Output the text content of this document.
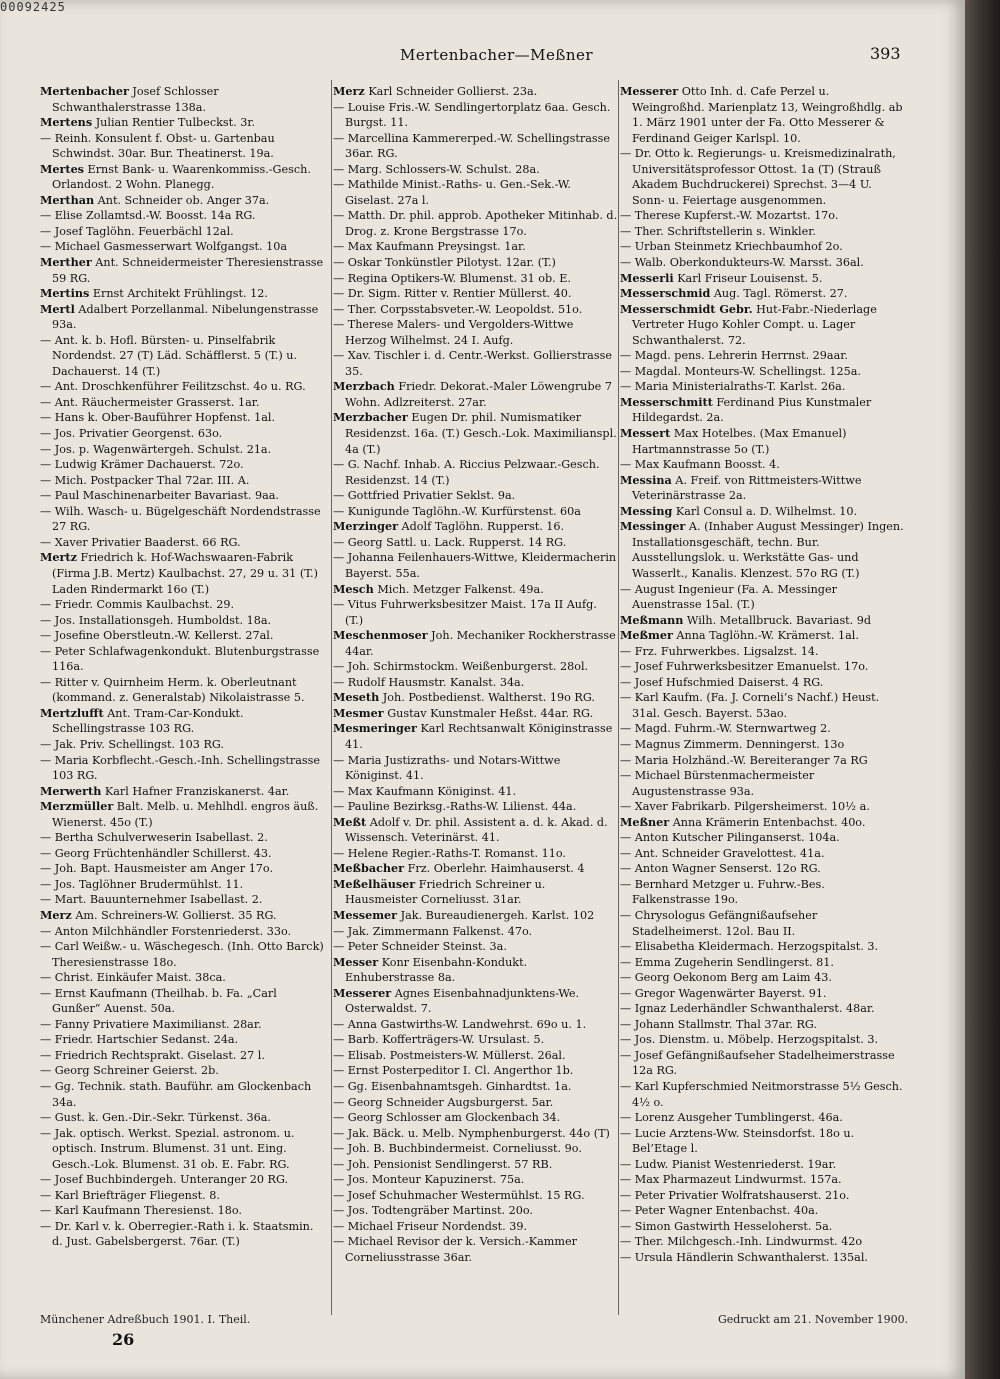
00092425
Mertenbacher—Meßner	393

Mertenbacher Josef Schlosser Schwanthalerstrasse 138a.

Mertens Julian Rentier Tulbeckst. 3r.

— Reinh. Konsulent f. Obst- u. Gartenbau Schwindst. 30ar. Bur. Theatinerst. 19a.

Mertes Ernst Bank- u. Waarenkommiss.-Gesch. Orlandost. 2 Wohn. Planegg.

Merthan Ant. Schneider ob. Anger 37a.

— Elise Zollamtsd.-W. Boosst. 14a RG.

— Josef Taglöhn. Feuerbächl 12al.

— Michael Gasmesserwart Wolfgangst. 10a

Merther Ant. Schneidermeister Theresienstrasse 59 RG.

Mertins Ernst Architekt Frühlingst. 12.

Mertl Adalbert Porzellanmal. Nibelungenstrasse 93a.

— Ant. k. b. Hofl. Bürsten- u. Pinselfabrik Nordendst. 27 (T) Läd. Schäfflerst. 5 (T.) u. Dachauerst. 14 (T.)

— Ant. Droschkenführer Feilitzschst. 4o u. RG.

— Ant. Räuchermeister Grasserst. 1ar.

— Hans k. Ober-Bauführer Hopfenst. 1al.

— Jos. Privatier Georgenst. 63o.

— Jos. p. Wagenwärtergeh. Schulst. 21a.

— Ludwig Krämer Dachauerst. 72o.

— Mich. Postpacker Thal 72ar. III. A.

— Paul Maschinenarbeiter Bavariast. 9aa.

— Wilh. Wasch- u. Bügelgeschäft Nordendstrasse 27 RG.

— Xaver Privatier Baaderst. 66 RG.

Mertz Friedrich k. Hof-Wachswaaren-Fabrik (Firma J.B. Mertz) Kaulbachst. 27, 29 u. 31 (T.) Laden Rindermarkt 16o (T.)

— Friedr. Commis Kaulbachst. 29.

— Jos. Installationsgeh. Humboldst. 18a.

— Josefine Oberstleutn.-W. Kellerst. 27al.

— Peter Schlafwagenkondukt. Blutenburgstrasse 116a.

— Ritter v. Quirnheim Herm. k. Oberleutnant (kommand. z. Generalstab) Nikolaistrasse 5.

Mertzlufft Ant. Tram-Car-Kondukt. Schellingstrasse 103 RG.

— Jak. Priv. Schellingst. 103 RG.

— Maria Korbflecht.-Gesch.-Inh. Schellingstrasse 103 RG.

Merwerth Karl Hafner Franziskanerst. 4ar.

Merzmüller Balt. Melb. u. Mehlhdl. engros äuß. Wienerst. 45o (T.)

— Bertha Schulverweserin Isabellast. 2.

— Georg Früchtenhändler Schillerst. 43.

— Joh. Bapt. Hausmeister am Anger 17o.

— Jos. Taglöhner Brudermühlst. 11.

— Mart. Bauunternehmer Isabellast. 2.

Merz Am. Schreiners-W. Gollierst. 35 RG.

— Anton Milchhändler Forstenriederst. 33o.

— Carl Weißw.- u. Wäschegesch. (Inh. Otto Barck) Theresienstrasse 18o.

— Christ. Einkäufer Maist. 38ca.

— Ernst Kaufmann (Theilhab. b. Fa. „Carl Gunßer“ Auenst. 50a.

— Fanny Privatiere Maximilianst. 28ar.

— Friedr. Hartschier Sedanst. 24a.

— Friedrich Rechtsprakt. Giselast. 27 l.

— Georg Schreiner Geierst. 2b.

— Gg. Technik. stath. Bauführ. am Glockenbach 34a.

— Gust. k. Gen.-Dir.-Sekr. Türkenst. 36a.

— Jak. optisch. Werkst. Spezial. astronom. u. optisch. Instrum. Blumenst. 31 unt. Eing. Gesch.-Lok. Blumenst. 31 ob. E. Fabr. RG.

— Josef Buchbindergeh. Unteranger 20 RG.

— Karl Briefträger Fliegenst. 8.

— Karl Kaufmann Theresienst. 18o.

— Dr. Karl v. k. Oberregier.-Rath i. k. Staatsmin. d. Just. Gabelsbergerst. 76ar. (T.)

Merz Karl Schneider Gollierst. 23a.

— Louise Fris.-W. Sendlingertorplatz 6aa. Gesch. Burgst. 11.

— Marcellina Kammererped.-W. Schellingstrasse 36ar. RG.

— Marg. Schlossers-W. Schulst. 28a.

— Mathilde Minist.-Raths- u. Gen.-Sek.-W. Giselast. 27a l.

— Matth. Dr. phil. approb. Apotheker Mitinhab. d. Drog. z. Krone Bergstrasse 17o.

— Max Kaufmann Preysingst. 1ar.

— Oskar Tonkünstler Pilotyst. 12ar. (T.)

— Regina Optikers-W. Blumenst. 31 ob. E.

— Dr. Sigm. Ritter v. Rentier Müllerst. 40.

— Ther. Corpsstabsveter.-W. Leopoldst. 51o.

— Therese Malers- und Vergolders-Wittwe Herzog Wilhelmst. 24 I. Aufg.

— Xav. Tischler i. d. Centr.-Werkst. Gollierstrasse 35.

Merzbach Friedr. Dekorat.-Maler Löwengrube 7 Wohn. Adlzreiterst. 27ar.

Merzbacher Eugen Dr. phil. Numismatiker Residenzst. 16a. (T.) Gesch.-Lok. Maximilianspl. 4a (T.)

— G. Nachf. Inhab. A. Riccius Pelzwaar.-Gesch. Residenzst. 14 (T.)

— Gottfried Privatier Seklst. 9a.

— Kunigunde Taglöhn.-W. Kurfürstenst. 60a

Merzinger Adolf Taglöhn. Rupperst. 16.

— Georg Sattl. u. Lack. Rupperst. 14 RG.

— Johanna Feilenhauers-Wittwe, Kleidermacherin Bayerst. 55a.

Mesch Mich. Metzger Falkenst. 49a.

— Vitus Fuhrwerksbesitzer Maist. 17a II Aufg. (T.)

Meschenmoser Joh. Mechaniker Rockherstrasse 44ar.

— Joh. Schirmstockm. Weißenburgerst. 28ol.

— Rudolf Hausmstr. Kanalst. 34a.

Meseth Joh. Postbedienst. Waltherst. 19o RG.

Mesmer Gustav Kunstmaler Heßst. 44ar. RG.

Mesmeringer Karl Rechtsanwalt Königinstrasse 41.

— Maria Justizraths- und Notars-Wittwe Königinst. 41.

— Max Kaufmann Königinst. 41.

— Pauline Bezirksg.-Raths-W. Lilienst. 44a.

Meßt Adolf v. Dr. phil. Assistent a. d. k. Akad. d. Wissensch. Veterinärst. 41.

— Helene Regier.-Raths-T. Romanst. 11o.

Meßbacher Frz. Oberlehr. Haimhauserst. 4

Meßelhäuser Friedrich Schreiner u. Hausmeister Corneliusst. 31ar.

Messemer Jak. Bureaudienergeh. Karlst. 102

— Jak. Zimmermann Falkenst. 47o.

— Peter Schneider Steinst. 3a.

Messer Konr Eisenbahn-Kondukt. Enhuberstrasse 8a.

Messerer Agnes Eisenbahnadjunktens-We. Osterwaldst. 7.

— Anna Gastwirths-W. Landwehrst. 69o u. 1.

— Barb. Kofferträgers-W. Ursulast. 5.

— Elisab. Postmeisters-W. Müllerst. 26al.

— Ernst Posterpeditor I. Cl. Angerthor 1b.

— Gg. Eisenbahnamtsgeh. Ginhardtst. 1a.

— Georg Schneider Augsburgerst. 5ar.

— Georg Schlosser am Glockenbach 34.

— Jak. Bäck. u. Melb. Nymphenburgerst. 44o (T)

— Joh. B. Buchbindermeist. Corneliusst. 9o.

— Joh. Pensionist Sendlingerst. 57 RB.

— Jos. Monteur Kapuzinerst. 75a.

— Josef Schuhmacher Westermühlst. 15 RG.

— Jos. Todtengräber Martinst. 20o.

— Michael Friseur Nordendst. 39.

— Michael Revisor der k. Versich.-Kammer Corneliusstrasse 36ar.

Messerer Otto Inh. d. Cafe Perzel u. Weingroßhd. Marienplatz 13, Weingroßhdlg. ab 1. März 1901 unter der Fa. Otto Messerer & Ferdinand Geiger Karlspl. 10.

— Dr. Otto k. Regierungs- u. Kreismedizinalrath, Universitätsprofessor Ottost. 1a (T) (Strauß Akadem Buchdruckerei) Sprechst. 3—4 U. Sonn- u. Feiertage ausgenommen.

— Therese Kupferst.-W. Mozartst. 17o.

— Ther. Schriftstellerin s. Winkler.

— Urban Steinmetz Kriechbaumhof 2o.

— Walb. Oberkondukteurs-W. Marsst. 36al.

Messerli Karl Friseur Louisenst. 5.

Messerschmid Aug. Tagl. Römerst. 27.

Messerschmidt Gebr. Hut-Fabr.-Niederlage Vertreter Hugo Kohler Compt. u. Lager Schwanthalerst. 72.

— Magd. pens. Lehrerin Herrnst. 29aar.

— Magdal. Monteurs-W. Schellingst. 125a.

— Maria Ministerialraths-T. Karlst. 26a.

Messerschmitt Ferdinand Pius Kunstmaler Hildegardst. 2a.

Messert Max Hotelbes. (Max Emanuel) Hartmannstrasse 5o (T.)

— Max Kaufmann Boosst. 4.

Messina A. Freif. von Rittmeisters-Wittwe Veterinärstrasse 2a.

Messing Karl Consul a. D. Wilhelmst. 10.

Messinger A. (Inhaber August Messinger) Ingen. Installationsgeschäft, techn. Bur. Ausstellungslok. u. Werkstätte Gas- und Wasserlt., Kanalis. Klenzest. 57o RG (T.)

— August Ingenieur (Fa. A. Messinger Auenstrasse 15al. (T.)

Meßmann Wilh. Metallbruck. Bavariast. 9d

Meßmer Anna Taglöhn.-W. Krämerst. 1al.

— Frz. Fuhrwerkbes. Ligsalzst. 14.

— Josef Fuhrwerksbesitzer Emanuelst. 17o.

— Josef Hufschmied Daiserst. 4 RG.

— Karl Kaufm. (Fa. J. Corneli’s Nachf.) Heust. 31al. Gesch. Bayerst. 53ao.

— Magd. Fuhrm.-W. Sternwartweg 2.

— Magnus Zimmerm. Denningerst. 13o

— Maria Holzhänd.-W. Bereiteranger 7a RG

— Michael Bürstenmachermeister Augustenstrasse 93a.

— Xaver Fabrikarb. Pilgersheimerst. 10½ a.

Meßner Anna Krämerin Entenbachst. 40o.

— Anton Kutscher Pilinganserst. 104a.

— Ant. Schneider Gravelottest. 41a.

— Anton Wagner Senserst. 12o RG.

— Bernhard Metzger u. Fuhrw.-Bes. Falkenstrasse 19o.

— Chrysologus Gefängnißaufseher Stadelheimerst. 12ol. Bau II.

— Elisabetha Kleidermach. Herzogspitalst. 3.

— Emma Zugeherin Sendlingerst. 81.

— Georg Oekonom Berg am Laim 43.

— Gregor Wagenwärter Bayerst. 91.

— Ignaz Lederhändler Schwanthalerst. 48ar.

— Johann Stallmstr. Thal 37ar. RG.

— Jos. Dienstm. u. Möbelp. Herzogspitalst. 3.

— Josef Gefängnißaufseher Stadelheimerstrasse 12a RG.

— Karl Kupferschmied Neitmorstrasse 5½ Gesch. 4½ o.

— Lorenz Ausgeher Tumblingerst. 46a.

— Lucie Arztens-Ww. Steinsdorfst. 18o u. Bel’Etage l.

— Ludw. Pianist Westenriederst. 19ar.

— Max Pharmazeut Lindwurmst. 157a.

— Peter Privatier Wolfratshauserst. 21o.

— Peter Wagner Entenbachst. 40a.

— Simon Gastwirth Hesseloherst. 5a.

— Ther. Milchgesch.-Inh. Lindwurmst. 42o

— Ursula Händlerin Schwanthalerst. 135al.

Münchener Adreßbuch 1901. I. Theil.
26
Gedruckt am 21. November 1900.
